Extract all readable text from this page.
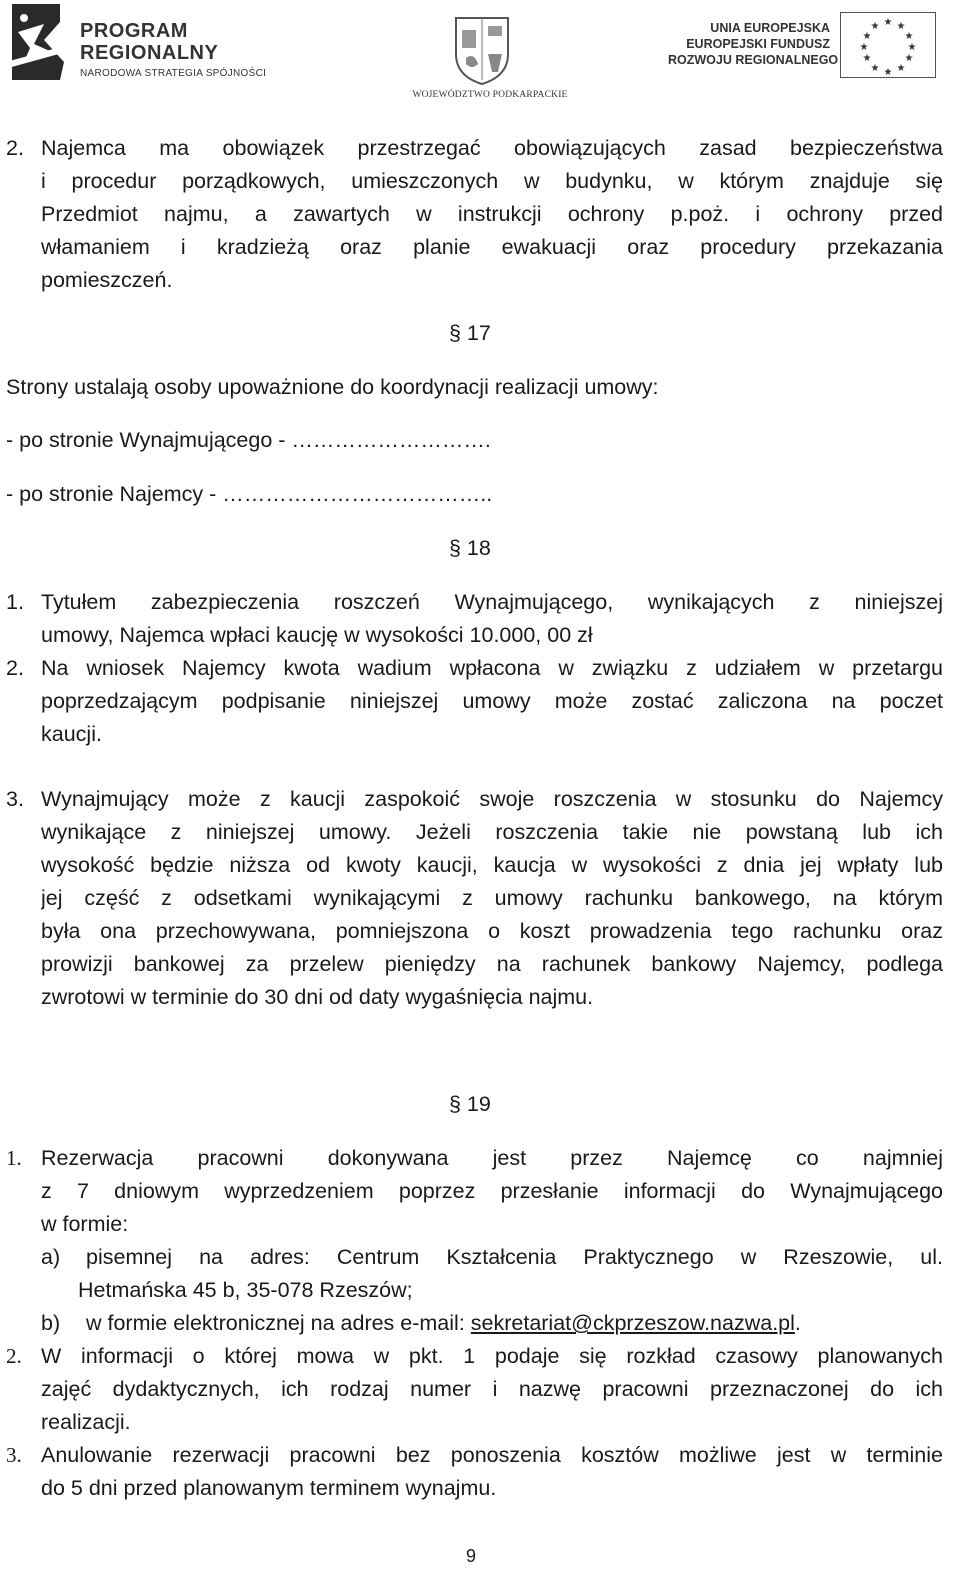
PROGRAM
REGIONALNY
NARODOWA STRATEGIA SPÓJNOŚCI
WOJEWÓDZTWO PODKARPACKIE
UNIA EUROPEJSKA
EUROPEJSKI FUNDUSZ
ROZWOJU REGIONALNEGO
★ ★
★
★
★
★
★
★
★
★
★
★
2. Najemca ma obowiązek przestrzegać obowiązujących zasad bezpieczeństwa
i procedur porządkowych, umieszczonych w budynku, w którym znajduje się
Przedmiot najmu, a zawartych w instrukcji ochrony p.poż. i ochrony przed
włamaniem i kradzieżą oraz planie ewakuacji oraz procedury przekazania
pomieszczeń.
§ 17
Strony ustalają osoby upoważnione do koordynacji realizacji umowy:
- po stronie Wynajmującego - ……………………….
- po stronie Najemcy - ………………………………..
§ 18
1. Tytułem zabezpieczenia roszczeń Wynajmującego, wynikających z niniejszej
umowy, Najemca wpłaci kaucję w wysokości 10.000, 00 zł
2. Na wniosek Najemcy kwota wadium wpłacona w związku z udziałem w przetargu
poprzedzającym podpisanie niniejszej umowy może zostać zaliczona na poczet
kaucji.
3. Wynajmujący może z kaucji zaspokoić swoje roszczenia w stosunku do Najemcy
wynikające z niniejszej umowy. Jeżeli roszczenia takie nie powstaną lub ich
wysokość będzie niższa od kwoty kaucji, kaucja w wysokości z dnia jej wpłaty lub
jej część z odsetkami wynikającymi z umowy rachunku bankowego, na którym
była ona przechowywana, pomniejszona o koszt prowadzenia tego rachunku oraz
prowizji bankowej za przelew pieniędzy na rachunek bankowy Najemcy, podlega
zwrotowi w terminie do 30 dni od daty wygaśnięcia najmu.
§ 19
1. Rezerwacja pracowni dokonywana jest przez Najemcę co najmniej
z 7 dniowym wyprzedzeniem poprzez przesłanie informacji do Wynajmującego
w formie:
a) pisemnej na adres: Centrum Kształcenia Praktycznego w Rzeszowie, ul.
Hetmańska 45 b, 35-078 Rzeszów;
b) w formie elektronicznej na adres e-mail: sekretariat@ckprzeszow.nazwa.pl.
2. W informacji o której mowa w pkt. 1 podaje się rozkład czasowy planowanych
zajęć dydaktycznych, ich rodzaj numer i nazwę pracowni przeznaczonej do ich
realizacji.
3. Anulowanie rezerwacji pracowni bez ponoszenia kosztów możliwe jest w terminie
do 5 dni przed planowanym terminem wynajmu.
9
